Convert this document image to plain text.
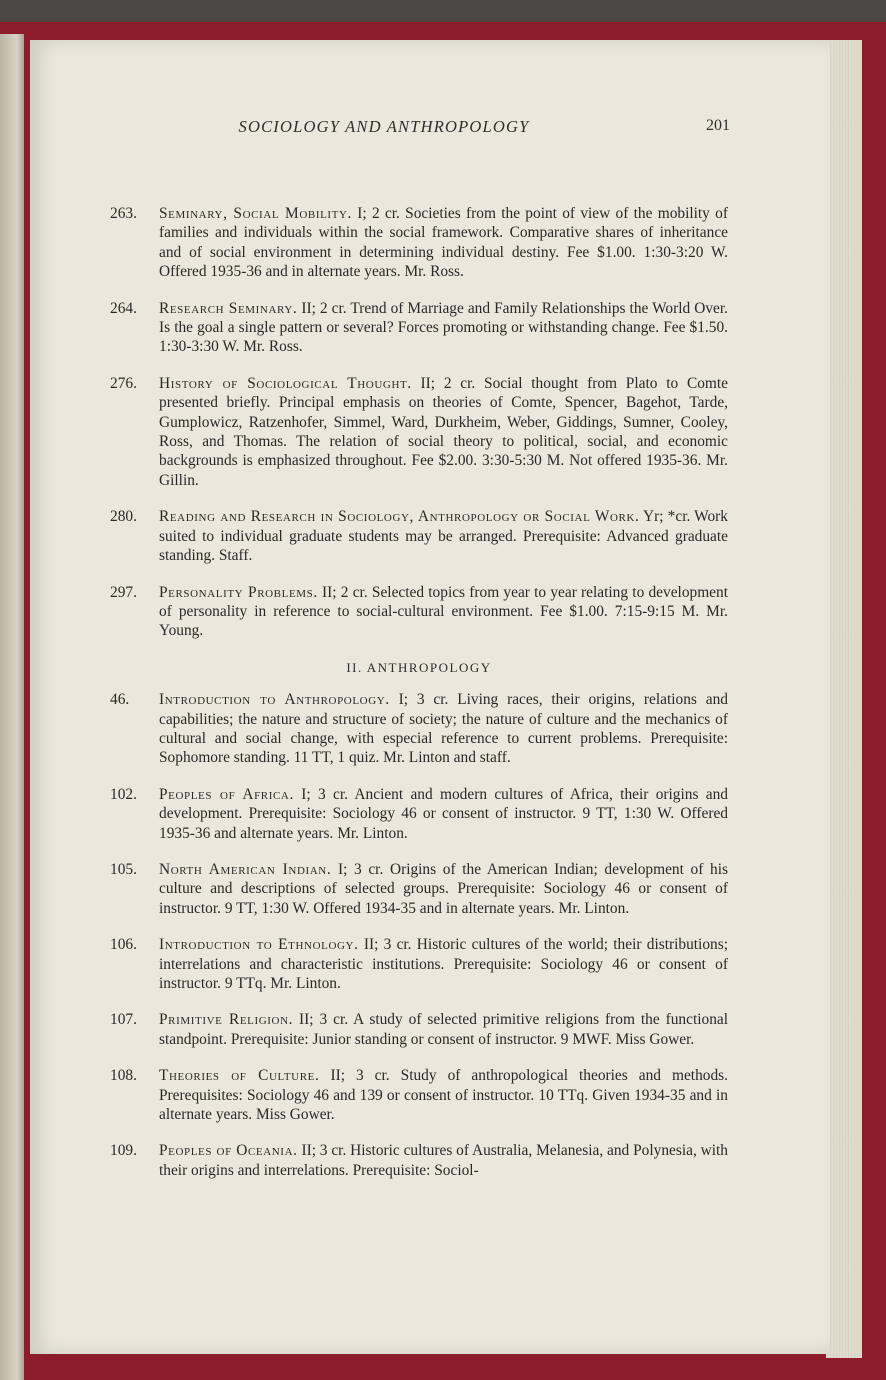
SOCIOLOGY AND ANTHROPOLOGY	201
263.	Seminary, Social Mobility. I; 2 cr. Societies from the point of view of the mobility of families and individuals within the social framework. Comparative shares of inheritance and of social environment in determining individual destiny. Fee $1.00. 1:30-3:20 W. Offered 1935-36 and in alternate years. Mr. Ross.
264.	Research Seminary. II; 2 cr. Trend of Marriage and Family Relationships the World Over. Is the goal a single pattern or several? Forces promoting or withstanding change. Fee $1.50. 1:30-3:30 W. Mr. Ross.
276.	History of Sociological Thought. II; 2 cr. Social thought from Plato to Comte presented briefly. Principal emphasis on theories of Comte, Spencer, Bagehot, Tarde, Gumplowicz, Ratzenhofer, Simmel, Ward, Durkheim, Weber, Giddings, Sumner, Cooley, Ross, and Thomas. The relation of social theory to political, social, and economic backgrounds is emphasized throughout. Fee $2.00. 3:30-5:30 M. Not offered 1935-36. Mr. Gillin.
280.	Reading and Research in Sociology, Anthropology or Social Work. Yr; *cr. Work suited to individual graduate students may be arranged. Prerequisite: Advanced graduate standing. Staff.
297.	Personality Problems. II; 2 cr. Selected topics from year to year relating to development of personality in reference to social-cultural environment. Fee $1.00. 7:15-9:15 M. Mr. Young.
II. ANTHROPOLOGY
46.	Introduction to Anthropology. I; 3 cr. Living races, their origins, relations and capabilities; the nature and structure of society; the nature of culture and the mechanics of cultural and social change, with especial reference to current problems. Prerequisite: Sophomore standing. 11 TT, 1 quiz. Mr. Linton and staff.
102.	Peoples of Africa. I; 3 cr. Ancient and modern cultures of Africa, their origins and development. Prerequisite: Sociology 46 or consent of instructor. 9 TT, 1:30 W. Offered 1935-36 and alternate years. Mr. Linton.
105.	North American Indian. I; 3 cr. Origins of the American Indian; development of his culture and descriptions of selected groups. Prerequisite: Sociology 46 or consent of instructor. 9 TT, 1:30 W. Offered 1934-35 and in alternate years. Mr. Linton.
106.	Introduction to Ethnology. II; 3 cr. Historic cultures of the world; their distributions; interrelations and characteristic institutions. Prerequisite: Sociology 46 or consent of instructor. 9 TTq. Mr. Linton.
107.	Primitive Religion. II; 3 cr. A study of selected primitive religions from the functional standpoint. Prerequisite: Junior standing or consent of instructor. 9 MWF. Miss Gower.
108.	Theories of Culture. II; 3 cr. Study of anthropological theories and methods. Prerequisites: Sociology 46 and 139 or consent of instructor. 10 TTq. Given 1934-35 and in alternate years. Miss Gower.
109.	Peoples of Oceania. II; 3 cr. Historic cultures of Australia, Melanesia, and Polynesia, with their origins and interrelations. Prerequisite: Sociol-
